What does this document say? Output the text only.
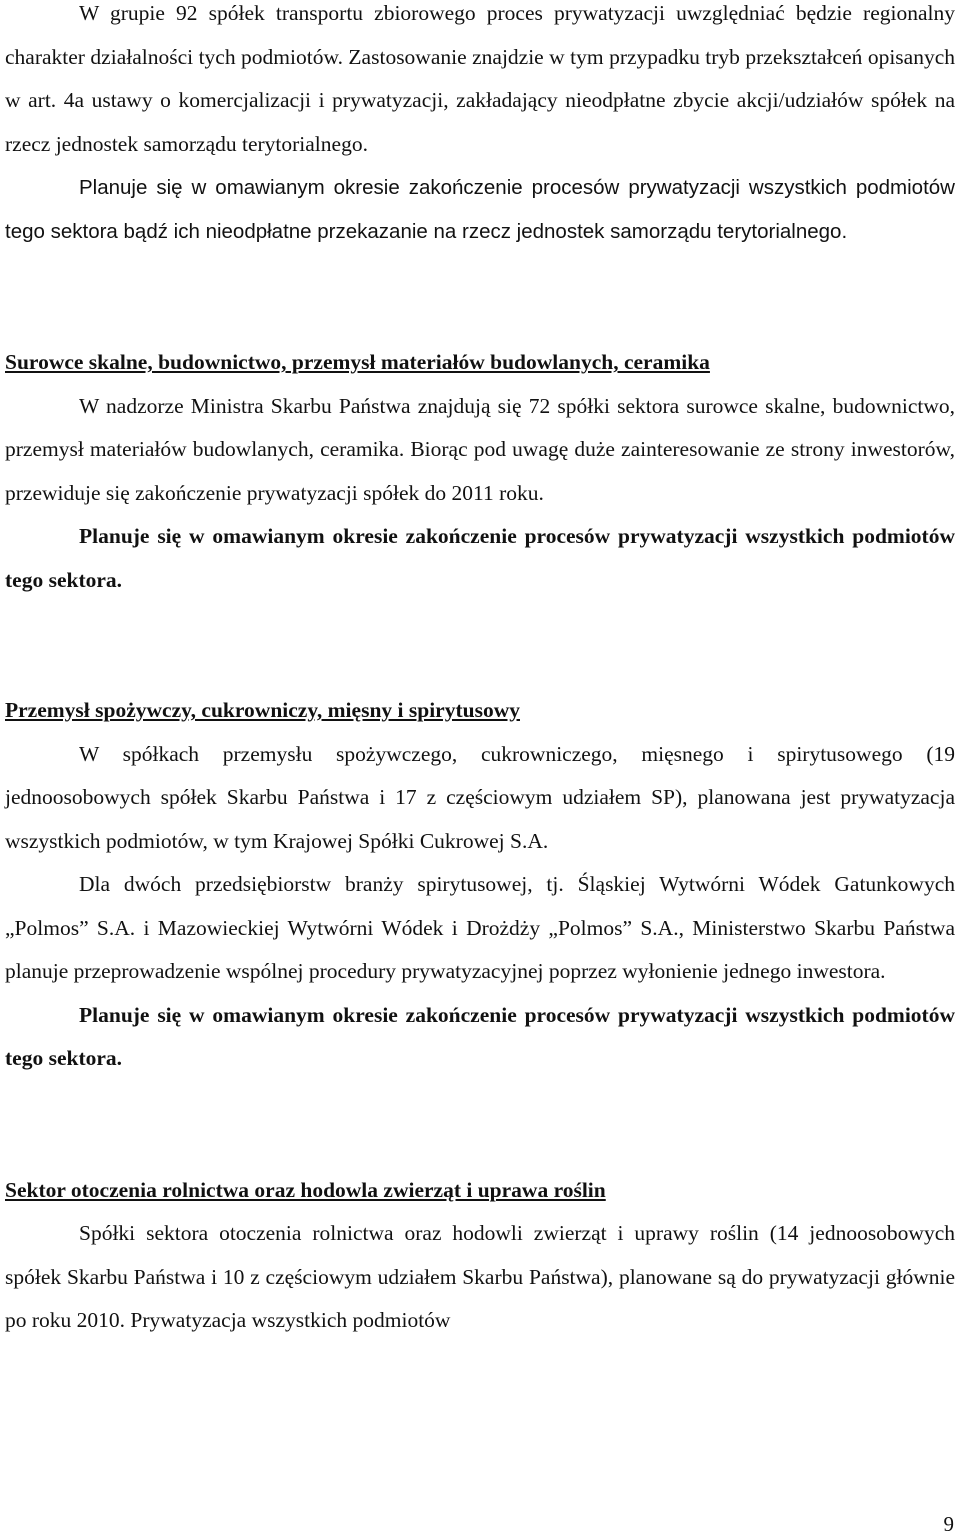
W grupie 92 spółek transportu zbiorowego proces prywatyzacji uwzględniać będzie regionalny charakter działalności tych podmiotów. Zastosowanie znajdzie w tym przypadku tryb przekształceń opisanych w art. 4a ustawy o komercjalizacji i prywatyzacji, zakładający nieodpłatne zbycie akcji/udziałów spółek na rzecz jednostek samorządu terytorialnego.

Planuje się w omawianym okresie zakończenie procesów prywatyzacji wszystkich podmiotów tego sektora bądź ich nieodpłatne przekazanie na rzecz jednostek samorządu terytorialnego.

Surowce skalne, budownictwo, przemysł materiałów budowlanych, ceramika

W nadzorze Ministra Skarbu Państwa znajdują się 72 spółki sektora surowce skalne, budownictwo, przemysł materiałów budowlanych, ceramika. Biorąc pod uwagę duże zainteresowanie ze strony inwestorów, przewiduje się zakończenie prywatyzacji spółek do 2011 roku.

Planuje się w omawianym okresie zakończenie procesów prywatyzacji wszystkich podmiotów tego sektora.

Przemysł spożywczy, cukrowniczy, mięsny i spirytusowy

W spółkach przemysłu spożywczego, cukrowniczego, mięsnego i spirytusowego (19 jednoosobowych spółek Skarbu Państwa i 17 z częściowym udziałem SP), planowana jest prywatyzacja wszystkich podmiotów, w tym Krajowej Spółki Cukrowej S.A.

Dla dwóch przedsiębiorstw branży spirytusowej, tj. Śląskiej Wytwórni Wódek Gatunkowych „Polmos” S.A. i Mazowieckiej Wytwórni Wódek i Drożdży „Polmos” S.A., Ministerstwo Skarbu Państwa planuje przeprowadzenie wspólnej procedury prywatyzacyjnej poprzez wyłonienie jednego inwestora.

Planuje się w omawianym okresie zakończenie procesów prywatyzacji wszystkich podmiotów tego sektora.

Sektor otoczenia rolnictwa oraz hodowla zwierząt i uprawa roślin

Spółki sektora otoczenia rolnictwa oraz hodowli zwierząt i uprawy roślin (14 jednoosobowych spółek Skarbu Państwa i 10 z częściowym udziałem Skarbu Państwa), planowane są do prywatyzacji głównie po roku 2010. Prywatyzacja wszystkich podmiotów

9
